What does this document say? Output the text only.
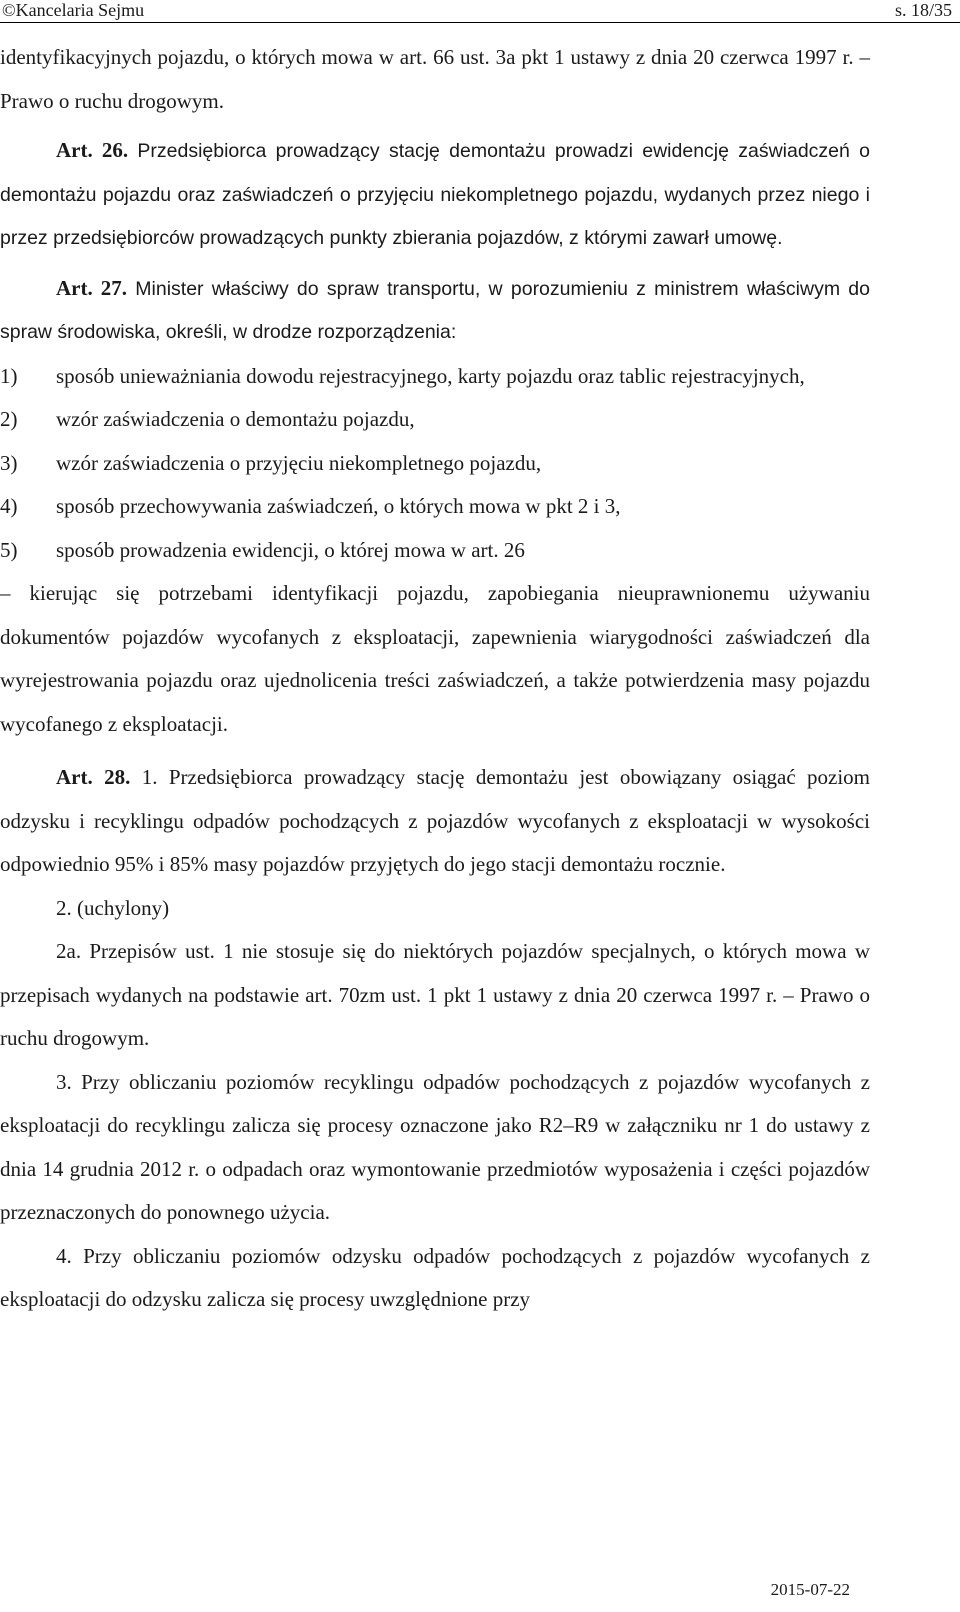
©Kancelaria Sejmu	s. 18/35

identyfikacyjnych pojazdu, o których mowa w art. 66 ust. 3a pkt 1 ustawy z dnia 20 czerwca 1997 r. – Prawo o ruchu drogowym.

Art. 26. Przedsiębiorca prowadzący stację demontażu prowadzi ewidencję zaświadczeń o demontażu pojazdu oraz zaświadczeń o przyjęciu niekompletnego pojazdu, wydanych przez niego i przez przedsiębiorców prowadzących punkty zbierania pojazdów, z którymi zawarł umowę.

Art. 27. Minister właściwy do spraw transportu, w porozumieniu z ministrem właściwym do spraw środowiska, określi, w drodze rozporządzenia:

1)	sposób unieważniania dowodu rejestracyjnego, karty pojazdu oraz tablic rejestracyjnych,
2)	wzór zaświadczenia o demontażu pojazdu,
3)	wzór zaświadczenia o przyjęciu niekompletnego pojazdu,
4)	sposób przechowywania zaświadczeń, o których mowa w pkt 2 i 3,
5)	sposób prowadzenia ewidencji, o której mowa w art. 26

– kierując się potrzebami identyfikacji pojazdu, zapobiegania nieuprawnionemu używaniu dokumentów pojazdów wycofanych z eksploatacji, zapewnienia wiarygodności zaświadczeń dla wyrejestrowania pojazdu oraz ujednolicenia treści zaświadczeń, a także potwierdzenia masy pojazdu wycofanego z eksploatacji.

Art. 28. 1. Przedsiębiorca prowadzący stację demontażu jest obowiązany osiągać poziom odzysku i recyklingu odpadów pochodzących z pojazdów wycofanych z eksploatacji w wysokości odpowiednio 95% i 85% masy pojazdów przyjętych do jego stacji demontażu rocznie.

2. (uchylony)

2a. Przepisów ust. 1 nie stosuje się do niektórych pojazdów specjalnych, o których mowa w przepisach wydanych na podstawie art. 70zm ust. 1 pkt 1 ustawy z dnia 20 czerwca 1997 r. – Prawo o ruchu drogowym.

3. Przy obliczaniu poziomów recyklingu odpadów pochodzących z pojazdów wycofanych z eksploatacji do recyklingu zalicza się procesy oznaczone jako R2–R9 w załączniku nr 1 do ustawy z dnia 14 grudnia 2012 r. o odpadach oraz wymontowanie przedmiotów wyposażenia i części pojazdów przeznaczonych do ponownego użycia.

4. Przy obliczaniu poziomów odzysku odpadów pochodzących z pojazdów wycofanych z eksploatacji do odzysku zalicza się procesy uwzględnione przy

2015-07-22
